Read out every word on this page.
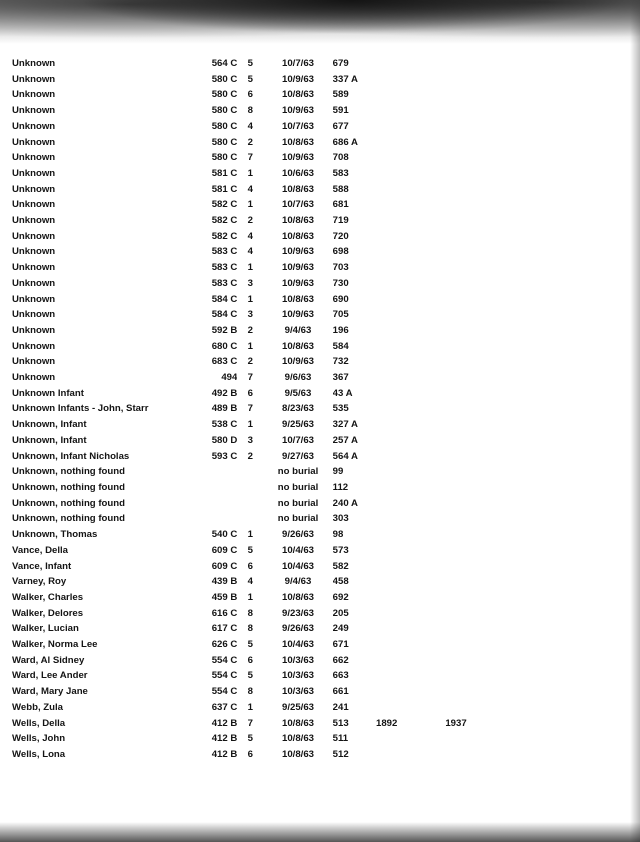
Unknown	564 C	5	10/7/63	679		
Unknown	580 C	5	10/9/63	337 A		
Unknown	580 C	6	10/8/63	589		
Unknown	580 C	8	10/9/63	591		
Unknown	580 C	4	10/7/63	677		
Unknown	580 C	2	10/8/63	686 A		
Unknown	580 C	7	10/9/63	708		
Unknown	581 C	1	10/6/63	583		
Unknown	581 C	4	10/8/63	588		
Unknown	582 C	1	10/7/63	681		
Unknown	582 C	2	10/8/63	719		
Unknown	582 C	4	10/8/63	720		
Unknown	583 C	4	10/9/63	698		
Unknown	583 C	1	10/9/63	703		
Unknown	583 C	3	10/9/63	730		
Unknown	584 C	1	10/8/63	690		
Unknown	584 C	3	10/9/63	705		
Unknown	592 B	2	9/4/63	196		
Unknown	680 C	1	10/8/63	584		
Unknown	683 C	2	10/9/63	732		
Unknown	494	7	9/6/63	367		
Unknown Infant	492 B	6	9/5/63	43 A		
Unknown Infants - John, Starr	489 B	7	8/23/63	535		
Unknown, Infant	538 C	1	9/25/63	327 A		
Unknown, Infant	580 D	3	10/7/63	257 A		
Unknown, Infant Nicholas	593 C	2	9/27/63	564 A		
Unknown, nothing found			no burial	99		
Unknown, nothing found			no burial	112		
Unknown, nothing found			no burial	240 A		
Unknown, nothing found			no burial	303		
Unknown, Thomas	540 C	1	9/26/63	98		
Vance, Della	609 C	5	10/4/63	573		
Vance, Infant	609 C	6	10/4/63	582		
Varney, Roy	439 B	4	9/4/63	458		
Walker, Charles	459 B	1	10/8/63	692		
Walker, Delores	616 C	8	9/23/63	205		
Walker, Lucian	617 C	8	9/26/63	249		
Walker, Norma Lee	626 C	5	10/4/63	671		
Ward, Al Sidney	554 C	6	10/3/63	662		
Ward, Lee Ander	554 C	5	10/3/63	663		
Ward, Mary Jane	554 C	8	10/3/63	661		
Webb, Zula	637 C	1	9/25/63	241		
Wells, Della	412 B	7	10/8/63	513	1892	1937
Wells, John	412 B	5	10/8/63	511		
Wells, Lona	412 B	6	10/8/63	512		
